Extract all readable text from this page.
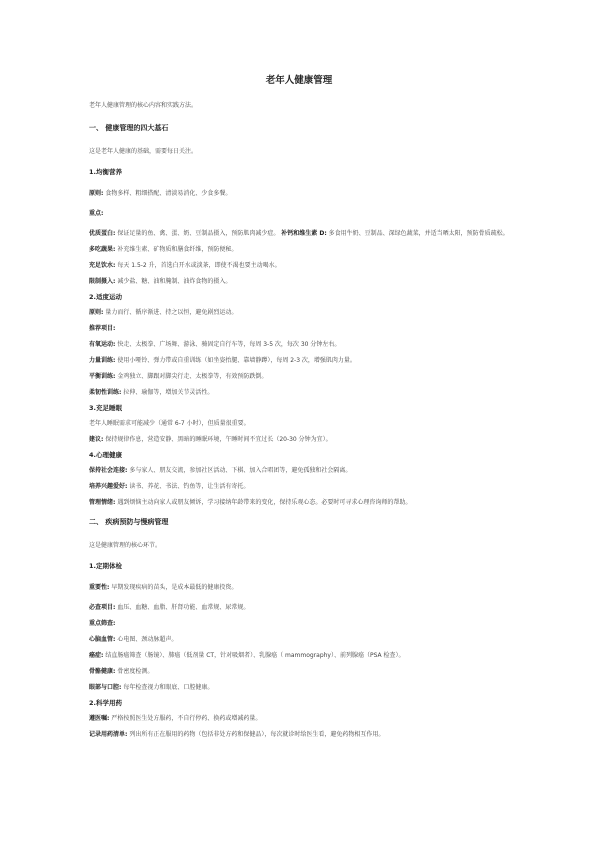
老年人健康管理
老年人健康管理的核心内容和实践方法。
一、 健康管理的四大基石
这是老年人健康的基础，需要每日关注。
1.均衡营养
原则: 食物多样、粗细搭配、清淡易消化、少食多餐。
重点:
优质蛋白: 保证足量的鱼、禽、蛋、奶、豆制品摄入，预防肌肉减少症。 补钙和维生素 D: 多食用牛奶、豆制品、深绿色蔬菜，并适当晒太阳，预防骨质疏松。
多吃蔬果: 补充维生素、矿物质和膳食纤维，预防便秘。
充足饮水: 每天 1.5-2 升，首选白开水或淡茶，即使不渴也要主动喝水。
限制摄入: 减少盐、糖、油和腌制、油炸食物的摄入。
2.适度运动
原则: 量力而行、循序渐进、持之以恒，避免剧烈运动。
推荐项目:
有氧运动: 快走、太极拳、广场舞、游泳、骑固定自行车等，每周 3-5 次，每次 30 分钟左右。
力量训练: 使用小哑铃、弹力带或自重训练（如坐姿抬腿、靠墙静蹲），每周 2-3 次，增强肌肉力量。
平衡训练: 金鸡独立、脚跟对脚尖行走、太极拳等，有效预防跌倒。
柔韧性训练: 拉伸、瑜伽等，增加关节灵活性。
3.充足睡眠
老年人睡眠需求可能减少（通常 6-7 小时），但质量很重要。
建议: 保持规律作息，营造安静、黑暗的睡眠环境，午睡时间不宜过长（20-30 分钟为宜）。
4.心理健康
保持社会连接: 多与家人、朋友交流，参加社区活动、下棋、加入合唱团等，避免孤独和社会隔离。
培养兴趣爱好: 读书、养花、书法、钓鱼等，让生活有寄托。
管理情绪: 遇到烦恼主动向家人或朋友倾诉，学习接纳年龄带来的变化，保持乐观心态。必要时可寻求心理咨询师的帮助。
二、 疾病预防与慢病管理
这是健康管理的核心环节。
1.定期体检
重要性: 早期发现疾病的苗头，是成本最低的健康投资。
必查项目: 血压、血糖、血脂、肝肾功能、血常规、尿常规。
重点筛查:
心脑血管: 心电图、颈动脉超声。
癌症: 结直肠癌筛查（肠镜）、肺癌（低剂量 CT，针对吸烟者）、乳腺癌（ mammography）、前列腺癌（PSA 检查）。
骨骼健康: 骨密度检测。
眼部与口腔: 每年检查视力和眼底、口腔健康。
2.科学用药
遵医嘱: 严格按照医生处方服药，不自行停药、换药或增减药量。
记录用药清单: 列出所有正在服用的药物（包括非处方药和保健品），每次就诊时给医生看，避免药物相互作用。
